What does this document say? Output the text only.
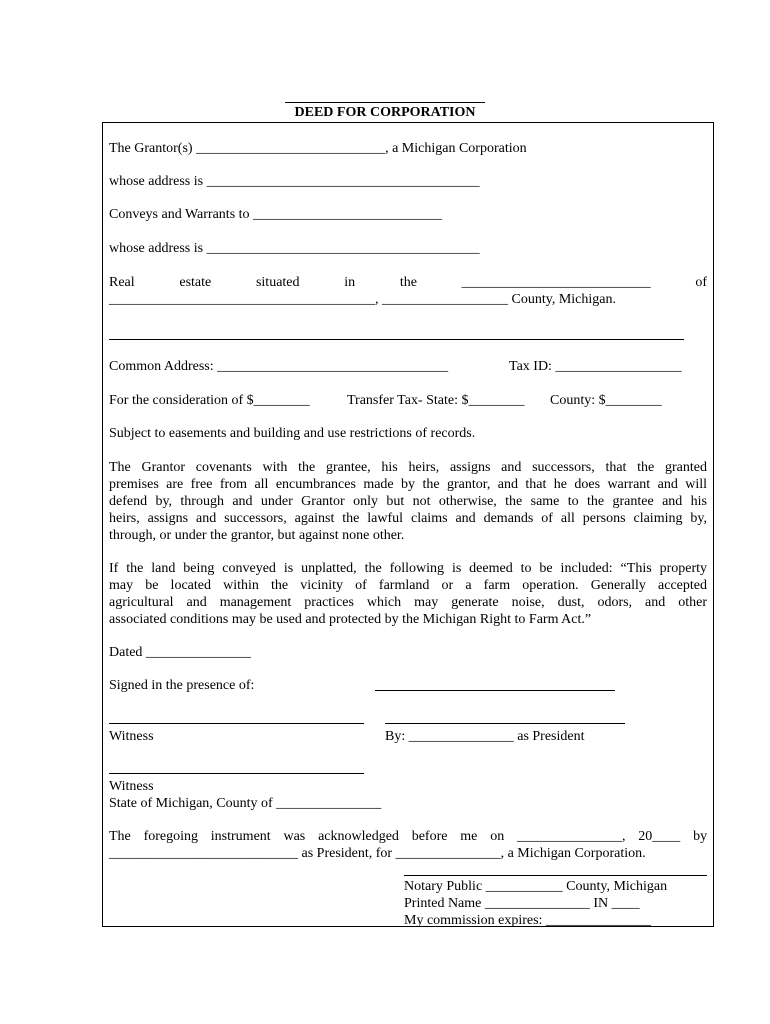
DEED FOR CORPORATION
The Grantor(s) ___________________________, a Michigan Corporation
whose address is _______________________________________
Conveys and Warrants to ___________________________
whose address is _______________________________________
Real	estate	situated	in	the	___________________________	of
______________________________________, __________________ County, Michigan.
Common Address: _________________________________	Tax ID: __________________
For the consideration of $________	Transfer Tax- State: $________ County: $________
Subject to easements and building and use restrictions of records.
The Grantor covenants with the grantee, his heirs, assigns and successors, that the granted
premises are free from all encumbrances made by the grantor, and that he does warrant and will
defend by, through and under Grantor only but not otherwise, the same to the grantee and his
heirs, assigns and successors, against the lawful claims and demands of all persons claiming by,
through, or under the grantor, but against none other.
If the land being conveyed is unplatted, the following is deemed to be included: “This property
may be located within the vicinity of farmland or a farm operation. Generally accepted
agricultural and management practices which may generate noise, dust, odors, and other
associated conditions may be used and protected by the Michigan Right to Farm Act.”
Dated _______________
Signed in the presence of:
Witness	By: _______________ as President
Witness
State of Michigan, County of _______________
The foregoing instrument was acknowledged before me on _______________, 20____ by
___________________________ as President, for _______________, a Michigan Corporation.
Notary Public ___________ County, Michigan
Printed Name _______________ IN ____
My commission expires: _______________
